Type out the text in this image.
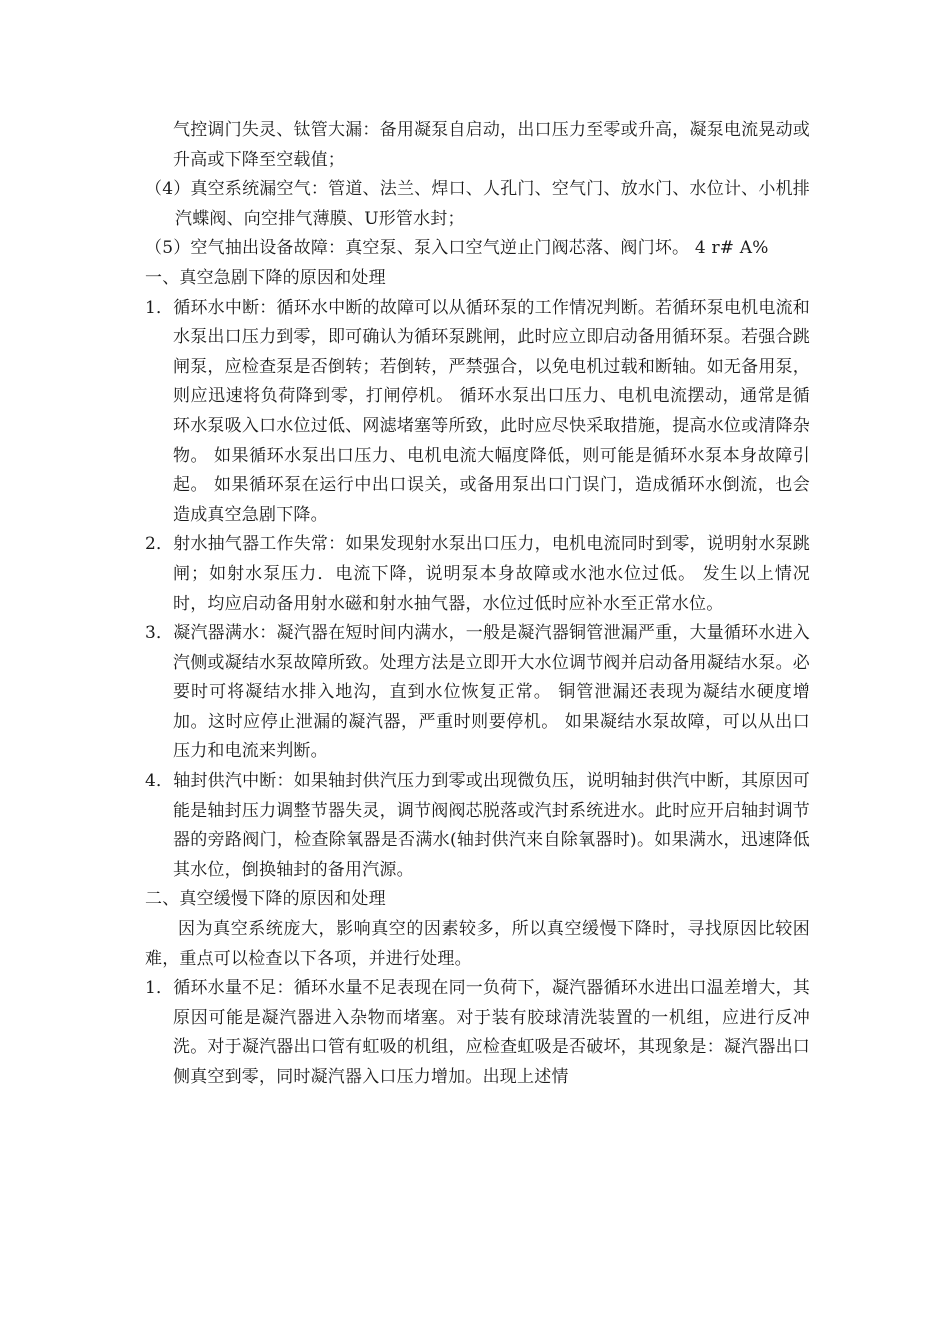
气控调门失灵、钛管大漏：备用凝泵自启动，出口压力至零或升高，凝泵电流晃动或升高或下降至空载值；

（4）真空系统漏空气：管道、法兰、焊口、人孔门、空气门、放水门、水位计、小机排汽蝶阀、向空排气薄膜、U形管水封；

（5）空气抽出设备故障：真空泵、泵入口空气逆止门阀芯落、阀门坏。 4 r# A%

一、真空急剧下降的原因和处理

1．循环水中断：循环水中断的故障可以从循环泵的工作情况判断。若循环泵电机电流和水泵出口压力到零，即可确认为循环泵跳闸，此时应立即启动备用循环泵。若强合跳闸泵，应检查泵是否倒转；若倒转，严禁强合，以免电机过载和断轴。如无备用泵，则应迅速将负荷降到零，打闸停机。 循环水泵出口压力、电机电流摆动，通常是循环水泵吸入口水位过低、网滤堵塞等所致，此时应尽快采取措施，提高水位或清降杂物。 如果循环水泵出口压力、电机电流大幅度降低，则可能是循环水泵本身故障引起。 如果循环泵在运行中出口误关，或备用泵出口门误门，造成循环水倒流，也会造成真空急剧下降。

2．射水抽气器工作失常：如果发现射水泵出口压力，电机电流同时到零，说明射水泵跳闸；如射水泵压力．电流下降，说明泵本身故障或水池水位过低。 发生以上情况时，均应启动备用射水磁和射水抽气器，水位过低时应补水至正常水位。

3．凝汽器满水：凝汽器在短时间内满水，一般是凝汽器铜管泄漏严重，大量循环水进入汽侧或凝结水泵故障所致。处理方法是立即开大水位调节阀并启动备用凝结水泵。必要时可将凝结水排入地沟，直到水位恢复正常。 铜管泄漏还表现为凝结水硬度增加。这时应停止泄漏的凝汽器，严重时则要停机。 如果凝结水泵故障，可以从出口压力和电流来判断。

4．轴封供汽中断：如果轴封供汽压力到零或出现微负压，说明轴封供汽中断，其原因可能是轴封压力调整节器失灵，调节阀阀芯脱落或汽封系统进水。此时应开启轴封调节器的旁路阀门，检查除氧器是否满水(轴封供汽来自除氧器时)。如果满水，迅速降低其水位，倒换轴封的备用汽源。

二、真空缓慢下降的原因和处理

因为真空系统庞大，影响真空的因素较多，所以真空缓慢下降时，寻找原因比较困难，重点可以检查以下各项，并进行处理。

1．循环水量不足：循环水量不足表现在同一负荷下，凝汽器循环水进出口温差增大，其原因可能是凝汽器进入杂物而堵塞。对于装有胶球清洗装置的一机组，应进行反冲洗。对于凝汽器出口管有虹吸的机组，应检查虹吸是否破坏，其现象是：凝汽器出口侧真空到零，同时凝汽器入口压力增加。出现上述情
